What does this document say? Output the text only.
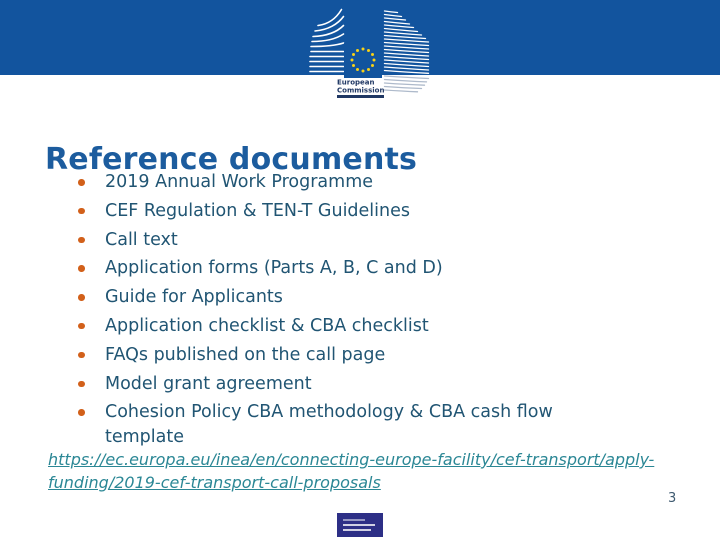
European
Commission
Reference documents
2019 Annual Work Programme
CEF Regulation & TEN-T Guidelines
Call text
Application forms (Parts A, B, C and D)
Guide for Applicants
Application checklist & CBA checklist
FAQs published on the call page
Model grant agreement
Cohesion Policy CBA methodology & CBA cash flow template
https://ec.europa.eu/inea/en/connecting-europe-facility/cef-transport/apply-
funding/2019-cef-transport-call-proposals
3
